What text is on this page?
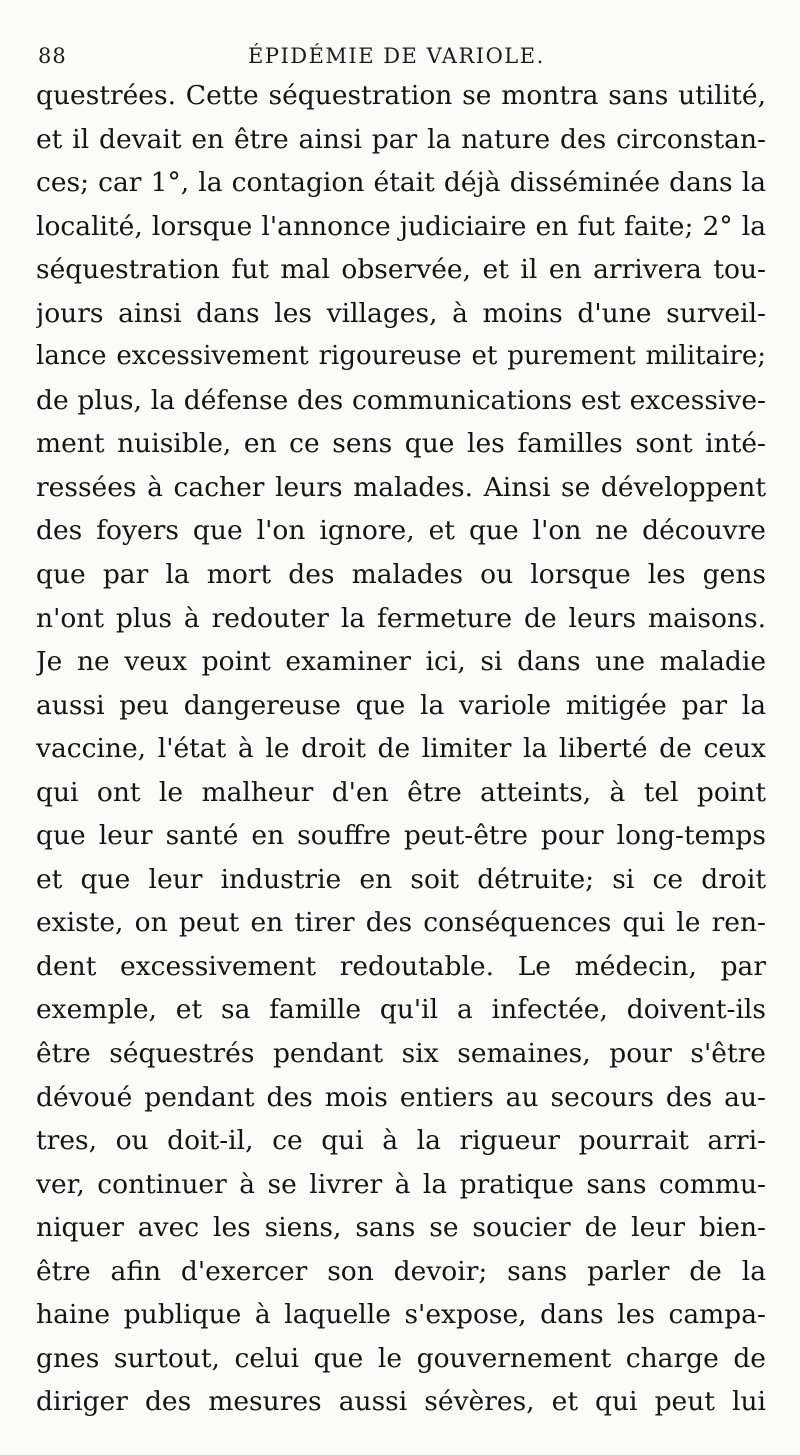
88	ÉPIDÉMIE DE VARIOLE.
questrées. Cette séquestration se montra sans utilité,
et il devait en être ainsi par la nature des circonstan-
ces; car 1°, la contagion était déjà disséminée dans la
localité, lorsque l'annonce judiciaire en fut faite; 2° la
séquestration fut mal observée, et il en arrivera tou-
jours ainsi dans les villages, à moins d'une surveil-
lance excessivement rigoureuse et purement militaire;
de plus, la défense des communications est excessive-
ment nuisible, en ce sens que les familles sont inté-
ressées à cacher leurs malades. Ainsi se développent
des foyers que l'on ignore, et que l'on ne découvre
que par la mort des malades ou lorsque les gens
n'ont plus à redouter la fermeture de leurs maisons.
Je ne veux point examiner ici, si dans une maladie
aussi peu dangereuse que la variole mitigée par la
vaccine, l'état à le droit de limiter la liberté de ceux
qui ont le malheur d'en être atteints, à tel point
que leur santé en souffre peut-être pour long-temps
et que leur industrie en soit détruite; si ce droit
existe, on peut en tirer des conséquences qui le ren-
dent excessivement redoutable. Le médecin, par
exemple, et sa famille qu'il a infectée, doivent-ils
être séquestrés pendant six semaines, pour s'être
dévoué pendant des mois entiers au secours des au-
tres, ou doit-il, ce qui à la rigueur pourrait arri-
ver, continuer à se livrer à la pratique sans commu-
niquer avec les siens, sans se soucier de leur bien-
être afin d'exercer son devoir; sans parler de la
haine publique à laquelle s'expose, dans les campa-
gnes surtout, celui que le gouvernement charge de
diriger des mesures aussi sévères, et qui peut lui
